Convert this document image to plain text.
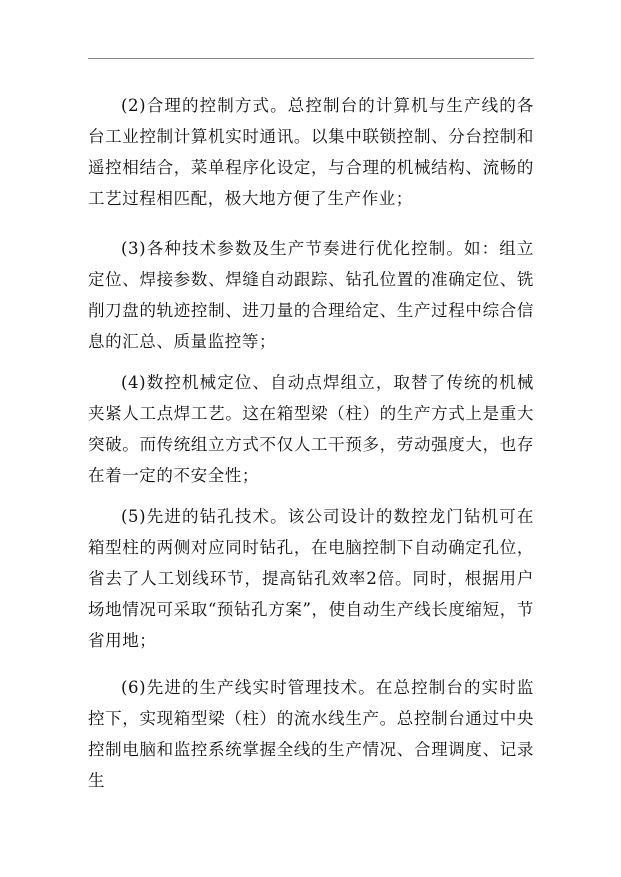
(2)合理的控制方式。总控制台的计算机与生产线的各台工业控制计算机实时通讯。以集中联锁控制、分台控制和遥控相结合，菜单程序化设定，与合理的机械结构、流畅的工艺过程相匹配，极大地方便了生产作业；

(3)各种技术参数及生产节奏进行优化控制。如：组立定位、焊接参数、焊缝自动跟踪、钻孔位置的准确定位、铣削刀盘的轨迹控制、进刀量的合理给定、生产过程中综合信息的汇总、质量监控等；

(4)数控机械定位、自动点焊组立，取替了传统的机械夹紧人工点焊工艺。这在箱型梁（柱）的生产方式上是重大突破。而传统组立方式不仅人工干预多，劳动强度大，也存在着一定的不安全性；

(5)先进的钻孔技术。该公司设计的数控龙门钻机可在箱型柱的两侧对应同时钻孔，在电脑控制下自动确定孔位，省去了人工划线环节，提高钻孔效率2倍。同时，根据用户场地情况可采取“预钻孔方案”，使自动生产线长度缩短，节省用地；

(6)先进的生产线实时管理技术。在总控制台的实时监控下，实现箱型梁（柱）的流水线生产。总控制台通过中央控制电脑和监控系统掌握全线的生产情况、合理调度、记录生
